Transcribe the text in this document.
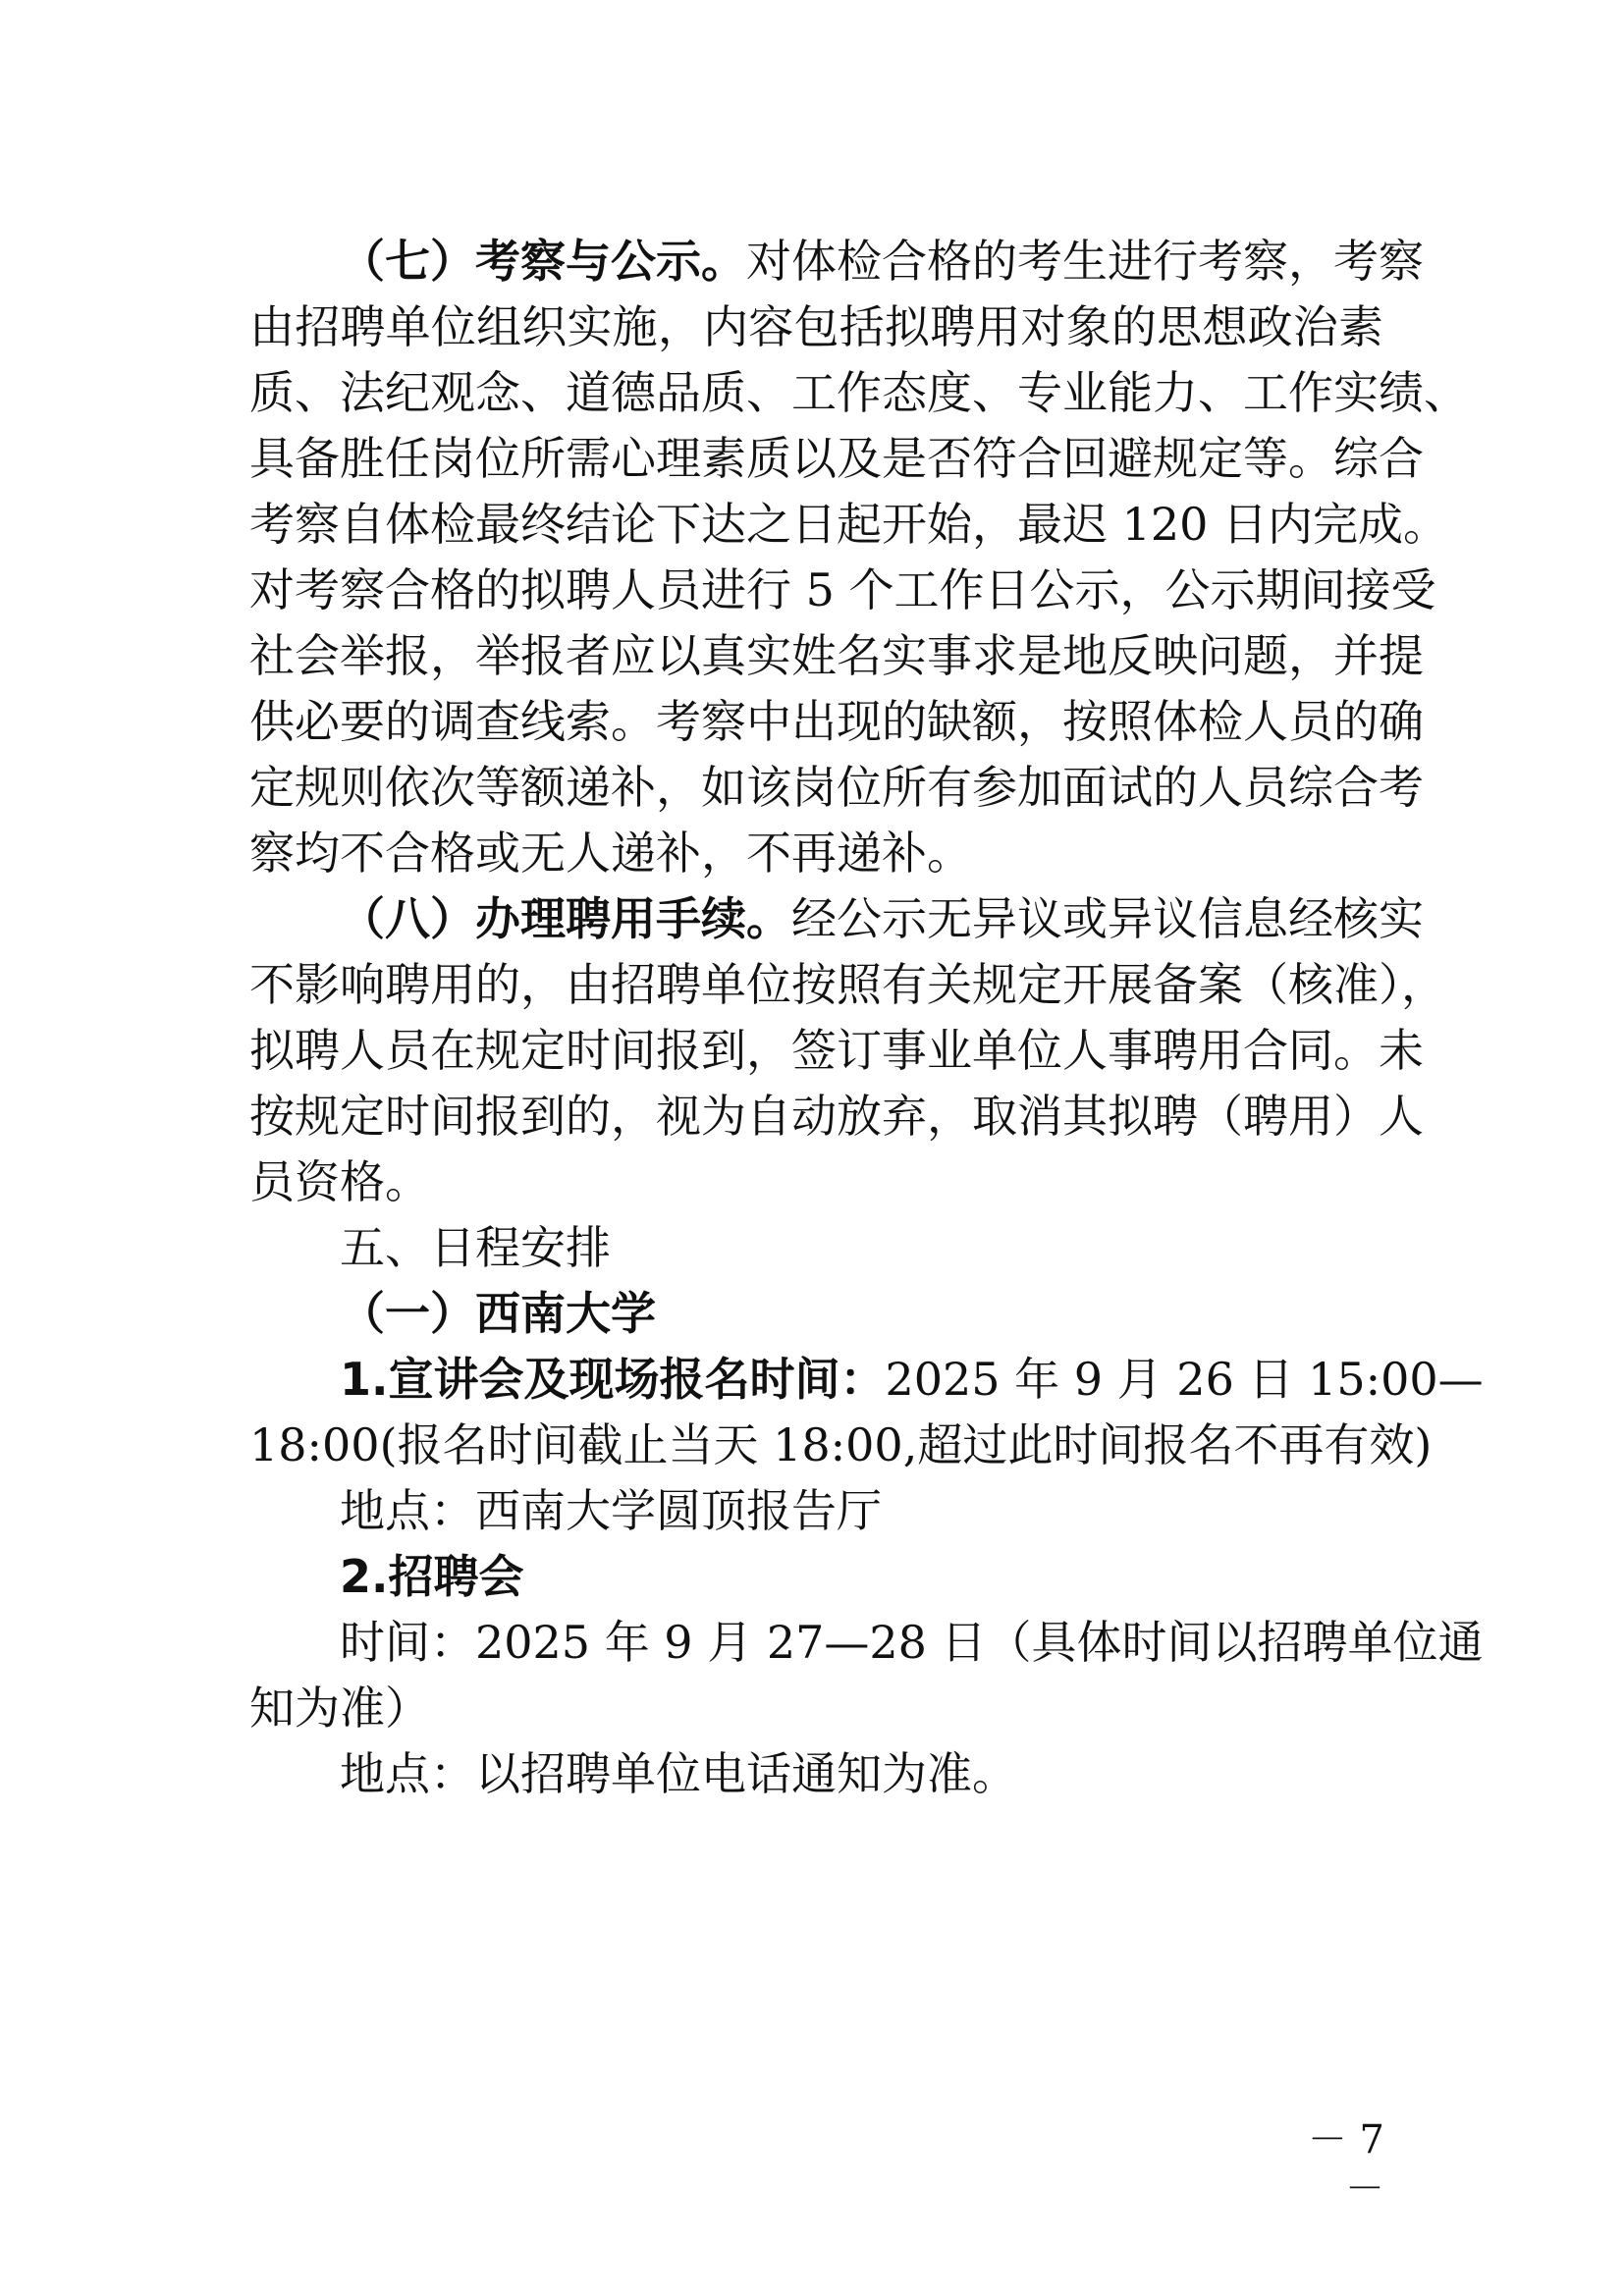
（七）考察与公示。对体检合格的考生进行考察，考察
由招聘单位组织实施，内容包括拟聘用对象的思想政治素
质、法纪观念、道德品质、工作态度、专业能力、工作实绩、
具备胜任岗位所需心理素质以及是否符合回避规定等。综合
考察自体检最终结论下达之日起开始，最迟 120 日内完成。
对考察合格的拟聘人员进行 5 个工作日公示，公示期间接受
社会举报，举报者应以真实姓名实事求是地反映问题，并提
供必要的调查线索。考察中出现的缺额，按照体检人员的确
定规则依次等额递补，如该岗位所有参加面试的人员综合考
察均不合格或无人递补，不再递补。
（八）办理聘用手续。经公示无异议或异议信息经核实
不影响聘用的，由招聘单位按照有关规定开展备案（核准），
拟聘人员在规定时间报到，签订事业单位人事聘用合同。未
按规定时间报到的，视为自动放弃，取消其拟聘（聘用）人
员资格。
五、日程安排
（一）西南大学
1.宣讲会及现场报名时间：2025 年 9 月 26 日 15:00—
18:00(报名时间截止当天 18:00,超过此时间报名不再有效)
地点：西南大学圆顶报告厅
2.招聘会
时间：2025 年 9 月 27—28 日（具体时间以招聘单位通
知为准）
地点：以招聘单位电话通知为准。
－ 7 －
